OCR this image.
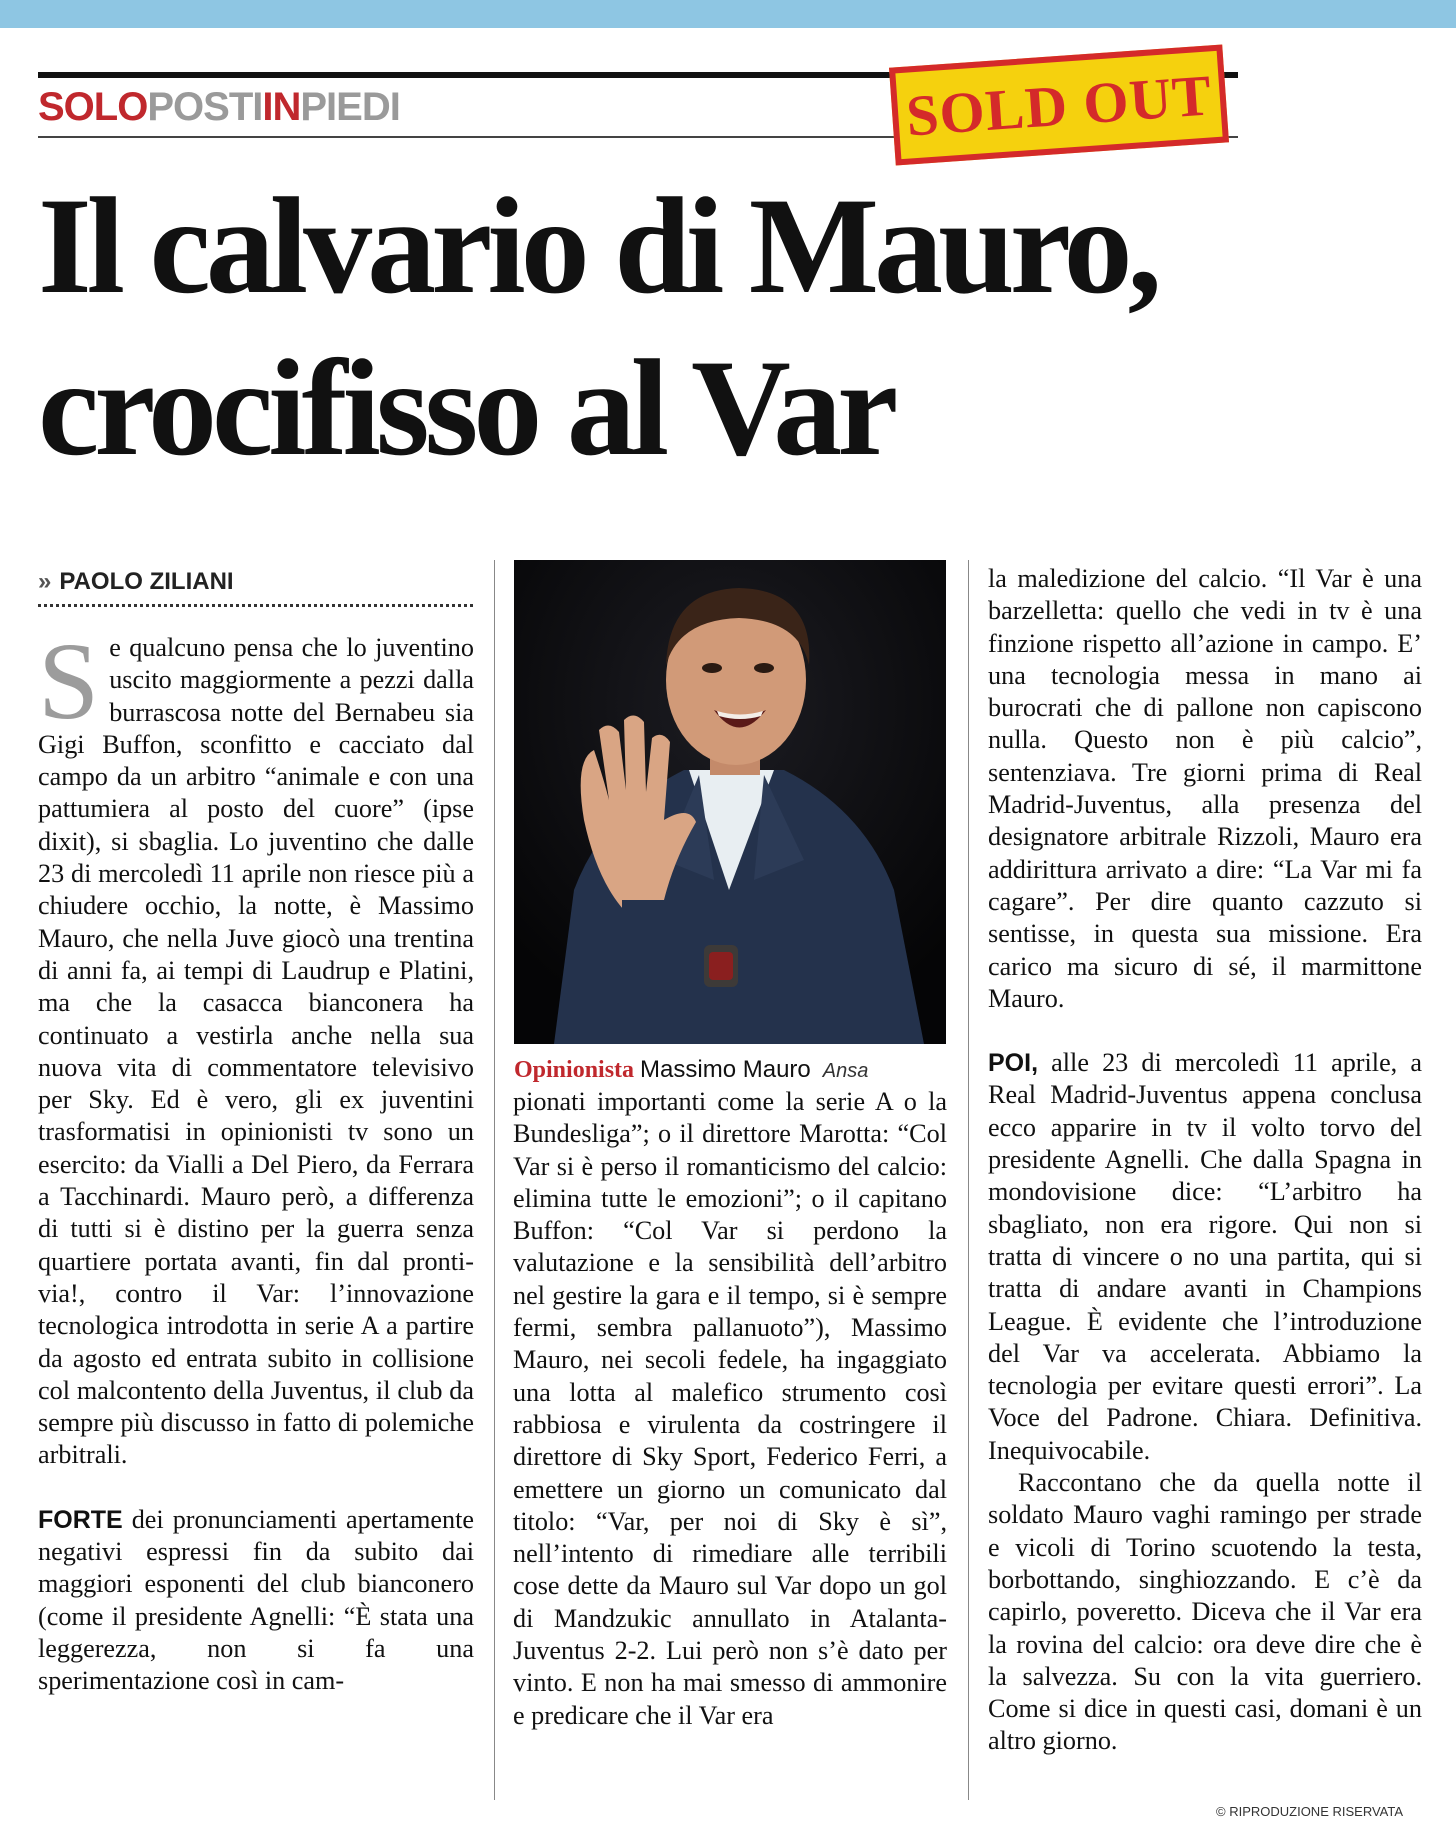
SOLOPOSTIINPIEDI	SOLD OUT
Il calvario di Mauro,
crocifisso al Var
» PAOLO ZILIANI

Se qualcuno pensa che lo juventino uscito maggiormente a pezzi dalla burrascosa notte del Bernabeu sia Gigi Buffon, sconfitto e cacciato dal campo da un arbitro “animale e con una pattumiera al posto del cuore” (ipse dixit), si sbaglia. Lo juventino che dalle 23 di mercoledì 11 aprile non riesce più a chiudere occhio, la notte, è Massimo Mauro, che nella Juve giocò una trentina di anni fa, ai tempi di Laudrup e Platini, ma che la casacca bianconera ha continuato a vestirla anche nella sua nuova vita di commentatore televisivo per Sky. Ed è vero, gli ex juventini trasformatisi in opinionisti tv sono un esercito: da Vialli a Del Piero, da Ferrara a Tacchinardi. Mauro però, a differenza di tutti si è distino per la guerra senza quartiere portata avanti, fin dal pronti-via!, contro il Var: l’innovazione tecnologica introdotta in serie A a partire da agosto ed entrata subito in collisione col malcontento della Juventus, il club da sempre più discusso in fatto di polemiche arbitrali.

FORTE dei pronunciamenti apertamente negativi espressi fin da subito dai maggiori esponenti del club bianconero (come il presidente Agnelli: “È stata una leggerezza, non si fa una sperimentazione così in cam-

Opinionista Massimo Mauro Ansa

pionati importanti come la serie A o la Bundesliga”; o il direttore Marotta: “Col Var si è perso il romanticismo del calcio: elimina tutte le emozioni”; o il capitano Buffon: “Col Var si perdono la valutazione e la sensibilità dell’arbitro nel gestire la gara e il tempo, si è sempre fermi, sembra pallanuoto”), Massimo Mauro, nei secoli fedele, ha ingaggiato una lotta al malefico strumento così rabbiosa e virulenta da costringere il direttore di Sky Sport, Federico Ferri, a emettere un giorno un comunicato dal titolo: “Var, per noi di Sky è sì”, nell’intento di rimediare alle terribili cose dette da Mauro sul Var dopo un gol di Mandzukic annullato in Atalanta-Juventus 2-2. Lui però non s’è dato per vinto. E non ha mai smesso di ammonire e predicare che il Var era

la maledizione del calcio. “Il Var è una barzelletta: quello che vedi in tv è una finzione rispetto all’azione in campo. E’ una tecnologia messa in mano ai burocrati che di pallone non capiscono nulla. Questo non è più calcio”, sentenziava. Tre giorni prima di Real Madrid-Juventus, alla presenza del designatore arbitrale Rizzoli, Mauro era addirittura arrivato a dire: “La Var mi fa cagare”. Per dire quanto cazzuto si sentisse, in questa sua missione. Era carico ma sicuro di sé, il marmittone Mauro.

POI, alle 23 di mercoledì 11 aprile, a Real Madrid-Juventus appena conclusa ecco apparire in tv il volto torvo del presidente Agnelli. Che dalla Spagna in mondovisione dice: “L’arbitro ha sbagliato, non era rigore. Qui non si tratta di vincere o no una partita, qui si tratta di andare avanti in Champions League. È evidente che l’introduzione del Var va accelerata. Abbiamo la tecnologia per evitare questi errori”. La Voce del Padrone. Chiara. Definitiva. Inequivocabile.

Raccontano che da quella notte il soldato Mauro vaghi ramingo per strade e vicoli di Torino scuotendo la testa, borbottando, singhiozzando. E c’è da capirlo, poveretto. Diceva che il Var era la rovina del calcio: ora deve dire che è la salvezza. Su con la vita guerriero. Come si dice in questi casi, domani è un altro giorno.

© RIPRODUZIONE RISERVATA
